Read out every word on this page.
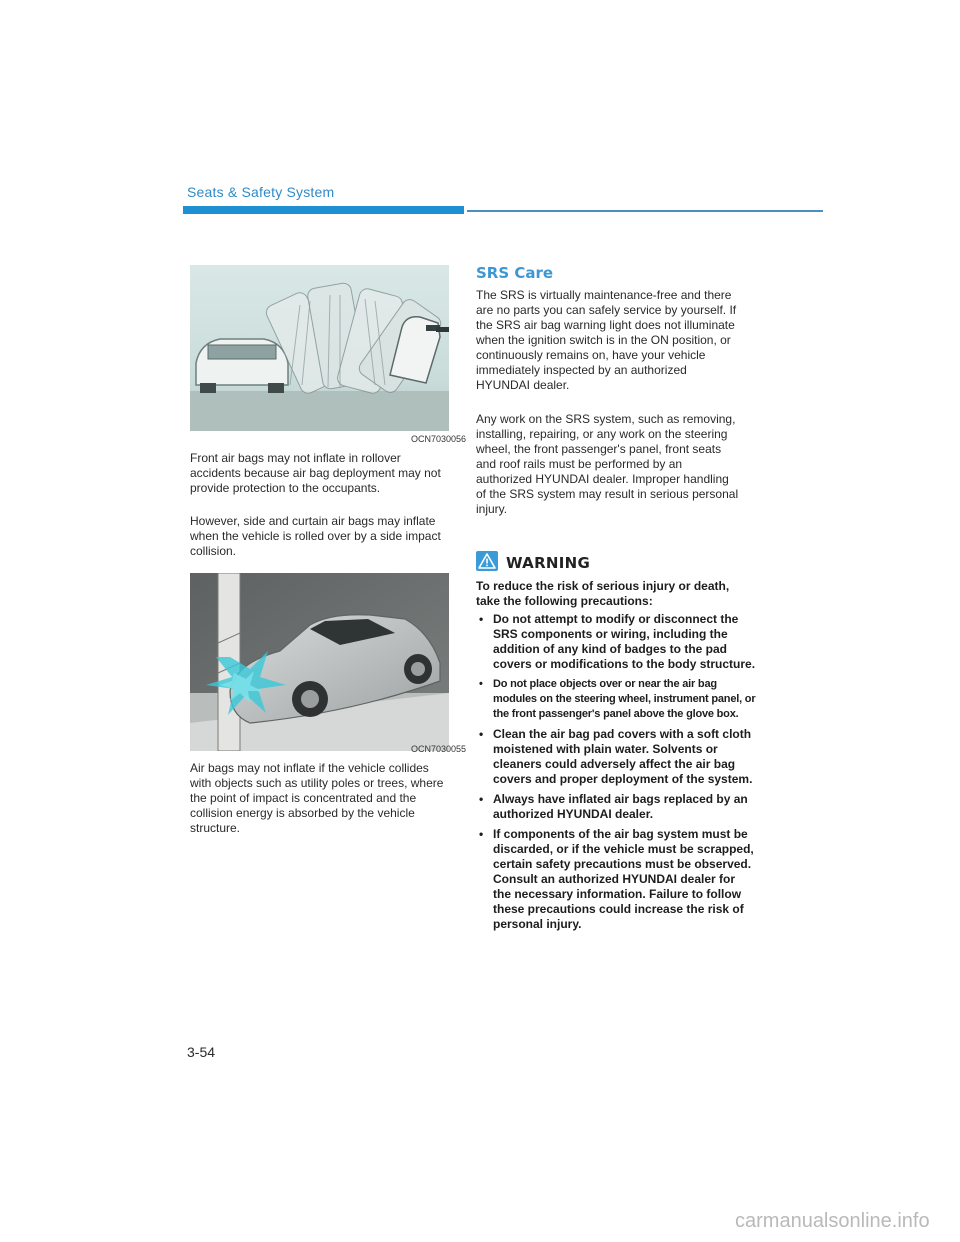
Seats & Safety System
OCN7030056

Front air bags may not inflate in rollover accidents because air bag deployment may not provide protection to the occupants.

However, side and curtain air bags may inflate when the vehicle is rolled over by a side impact collision.

OCN7030055

Air bags may not inflate if the vehicle collides with objects such as utility poles or trees, where the point of impact is concentrated and the collision energy is absorbed by the vehicle structure.

SRS Care

The SRS is virtually maintenance-free and there are no parts you can safely service by yourself. If the SRS air bag warning light does not illuminate when the ignition switch is in the ON position, or continuously remains on, have your vehicle immediately inspected by an authorized HYUNDAI dealer.

Any work on the SRS system, such as removing, installing, repairing, or any work on the steering wheel, the front passenger's panel, front seats and roof rails must be performed by an authorized HYUNDAI dealer. Improper handling of the SRS system may result in serious personal injury.

WARNING

To reduce the risk of serious injury or death, take the following precautions:

• Do not attempt to modify or disconnect the SRS components or wiring, including the addition of any kind of badges to the pad covers or modifications to the body structure.
• Do not place objects over or near the air bag modules on the steering wheel, instrument panel, or the front passenger's panel above the glove box.
• Clean the air bag pad covers with a soft cloth moistened with plain water. Solvents or cleaners could adversely affect the air bag covers and proper deployment of the system.
• Always have inflated air bags replaced by an authorized HYUNDAI dealer.
• If components of the air bag system must be discarded, or if the vehicle must be scrapped, certain safety precautions must be observed. Consult an authorized HYUNDAI dealer for the necessary information. Failure to follow these precautions could increase the risk of personal injury.
3-54
carmanualsonline.info
